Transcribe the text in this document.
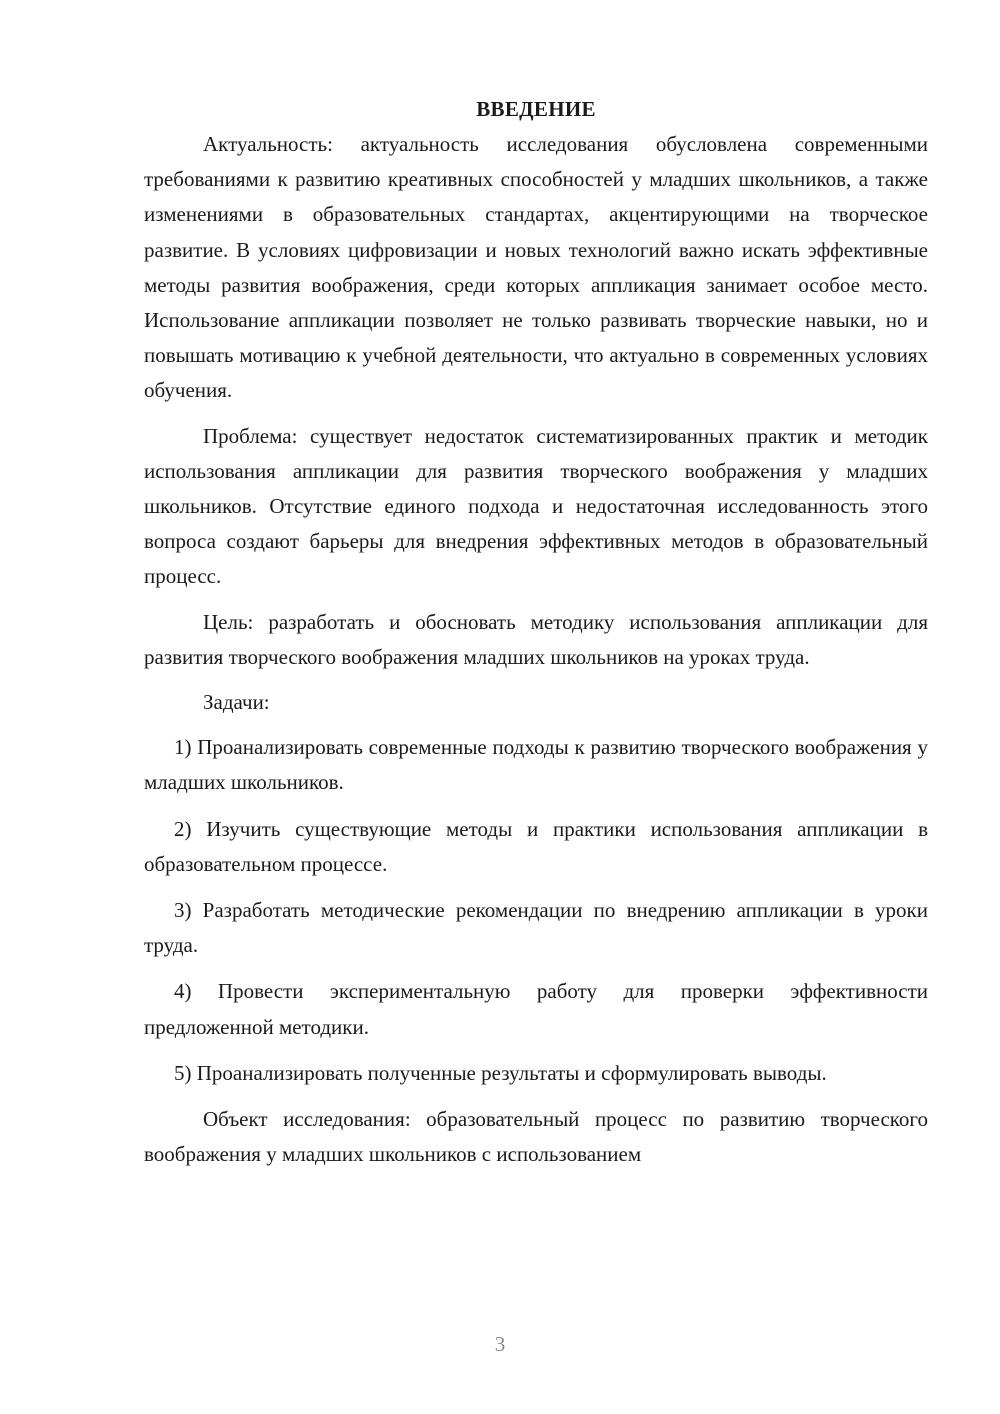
ВВЕДЕНИЕ

Актуальность: актуальность исследования обусловлена современными требованиями к развитию креативных способностей у младших школьников, а также изменениями в образовательных стандартах, акцентирующими на творческое развитие. В условиях цифровизации и новых технологий важно искать эффективные методы развития воображения, среди которых аппликация занимает особое место. Использование аппликации позволяет не только развивать творческие навыки, но и повышать мотивацию к учебной деятельности, что актуально в современных условиях обучения.

Проблема: существует недостаток систематизированных практик и методик использования аппликации для развития творческого воображения у младших школьников. Отсутствие единого подхода и недостаточная исследованность этого вопроса создают барьеры для внедрения эффективных методов в образовательный процесс.

Цель: разработать и обосновать методику использования аппликации для развития творческого воображения младших школьников на уроках труда.

Задачи:

1) Проанализировать современные подходы к развитию творческого воображения у младших школьников.

2) Изучить существующие методы и практики использования аппликации в образовательном процессе.

3) Разработать методические рекомендации по внедрению аппликации в уроки труда.

4) Провести экспериментальную работу для проверки эффективности предложенной методики.

5) Проанализировать полученные результаты и сформулировать выводы.

Объект исследования: образовательный процесс по развитию творческого воображения у младших школьников с использованием

3
